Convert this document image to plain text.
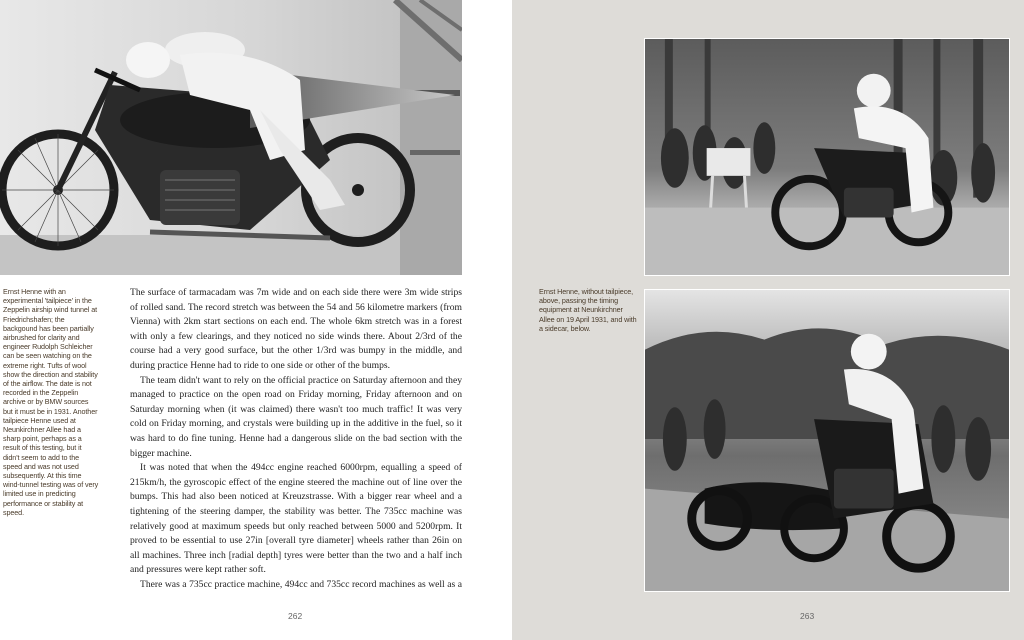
Ernst Henne with an experimental 'tailpiece' in the Zeppelin airship wind tunnel at Friedrichshafen; the backgound has been partially airbrushed for clarity and engineer Rudolph Schleicher can be seen watching on the extreme right. Tufts of wool show the direction and stability of the airflow. The date is not recorded in the Zeppelin archive or by BMW sources but it must be in 1931. Another tailpiece Henne used at Neunkirchner Allee had a sharp point, perhaps as a result of this testing, but it didn't seem to add to the speed and was not used subsequently. At this time wind-tunnel testing was of very limited use in predicting performance or stability at speed.

The surface of tarmacadam was 7m wide and on each side there were 3m wide strips of rolled sand. The record stretch was between the 54 and 56 kilometre markers (from Vienna) with 2km start sections on each end. The whole 6km stretch was in a forest with only a few clearings, and they noticed no side winds there. About 2/3rd of the course had a very good surface, but the other 1/3rd was bumpy in the middle, and during practice Henne had to ride to one side or other of the bumps.

The team didn't want to rely on the official practice on Saturday afternoon and they managed to practice on the open road on Friday morning, Friday afternoon and on Saturday morning when (it was claimed) there wasn't too much traffic! It was very cold on Friday morning, and crystals were building up in the additive in the fuel, so it was hard to do fine tuning. Henne had a dangerous slide on the bad section with the bigger machine.

It was noted that when the 494cc engine reached 6000rpm, equalling a speed of 215km/h, the gyroscopic effect of the engine steered the machine out of line over the bumps. This had also been noticed at Kreuzstrasse. With a bigger rear wheel and a tightening of the steering damper, the stability was better. The 735cc machine was relatively good at maximum speeds but only reached between 5000 and 5200rpm. It proved to be essential to use 27in [overall tyre diameter] wheels rather than 26in on all machines. Three inch [radial depth] tyres were better than the two and a half inch and pressures were kept rather soft.

There was a 735cc practice machine, 494cc and 735cc record machines as well as a

262
Ernst Henne, without tailpiece, above, passing the timing equipment at Neunkirchner Allee on 19 April 1931, and with a sidecar, below.
263
